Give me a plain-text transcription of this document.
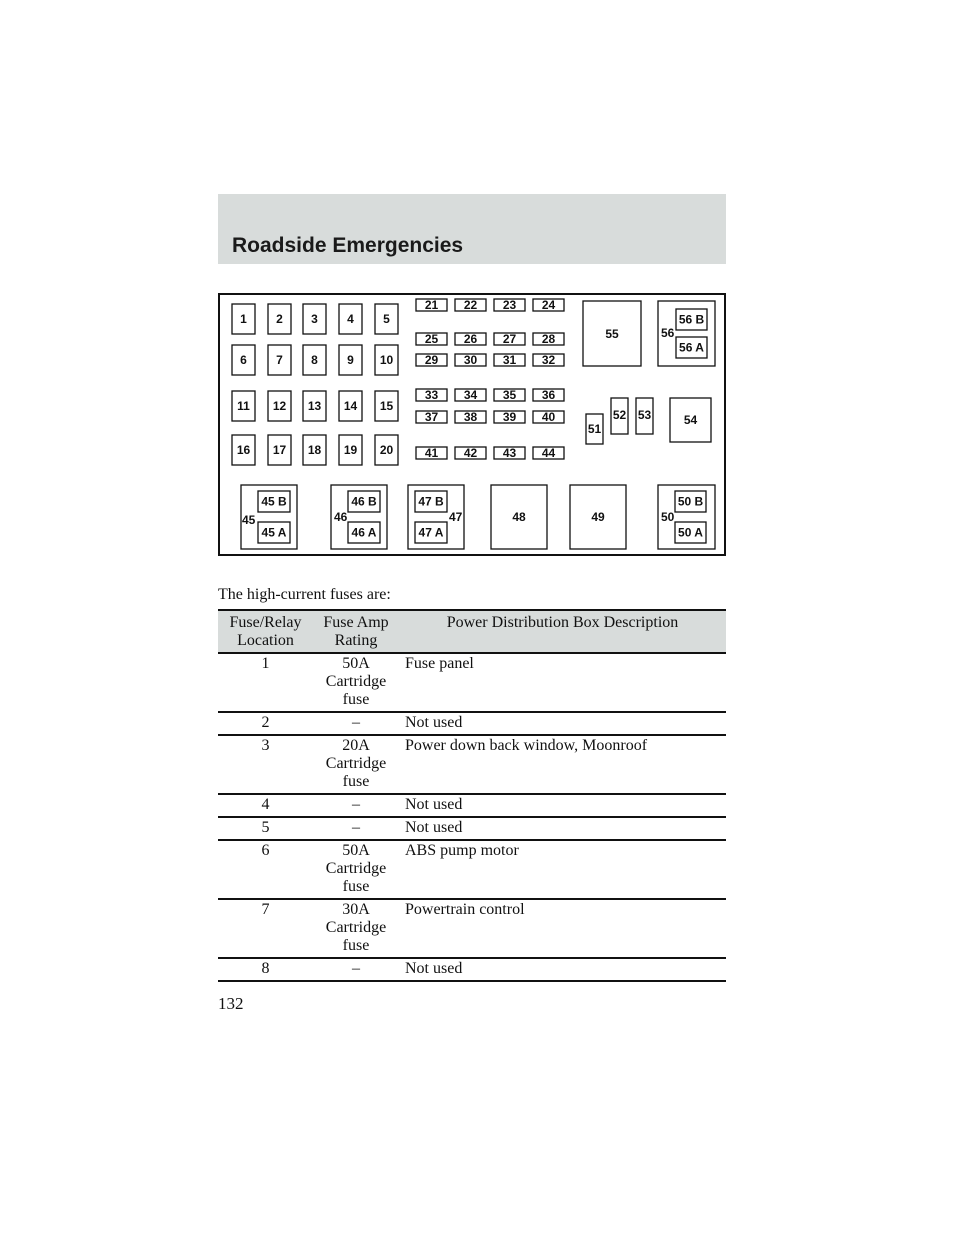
Roadside Emergencies
1 2 3 4 5
6 7 8 9 10
11 12 13 14 15
16 17 18 19 20
21 22 23 24
25 26 27 28
29 30 31 32
33 34 35 36
37 38 39 40
41 42 43 44
55	56
56 B
56 A
51
52 53	54
45
45 B
45 A
46
46 B
46 A
47
47 B
47 A
48	49	50
50 B
50 A

The high-current fuses are:

Fuse/Relay Location	Fuse Amp Rating	Power Distribution Box Description
1	50A Cartridge fuse	Fuse panel
2	–	Not used
3	20A Cartridge fuse	Power down back window, Moonroof
4	–	Not used
5	–	Not used
6	50A Cartridge fuse	ABS pump motor
7	30A Cartridge fuse	Powertrain control
8	–	Not used

132
